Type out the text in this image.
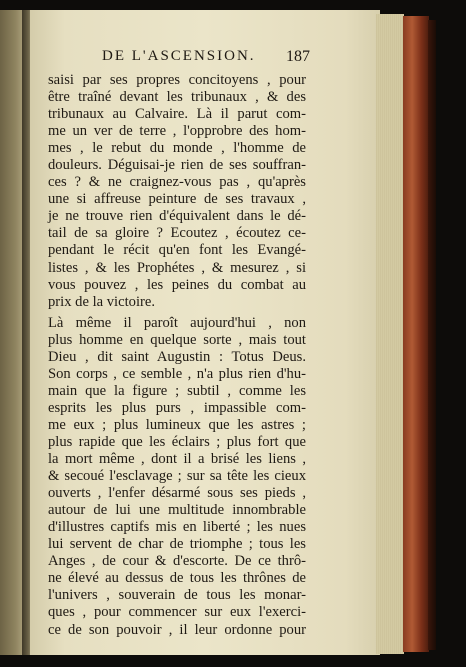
DE L'ASCENSION. 187
saisi par ses propres concitoyens , pour
être traîné devant les tribunaux , & des
tribunaux au Calvaire. Là il parut com-
me un ver de terre , l'opprobre des hom-
mes , le rebut du monde , l'homme de
douleurs. Déguisai-je rien de ses souffran-
ces ? & ne craignez-vous pas , qu'après
une si affreuse peinture de ses travaux ,
je ne trouve rien d'équivalent dans le dé-
tail de sa gloire ? Ecoutez , écoutez ce-
pendant le récit qu'en font les Evangé-
listes , & les Prophétes , & mesurez , si
vous pouvez , les peines du combat au
prix de la victoire.
Là même il paroît aujourd'hui , non
plus homme en quelque sorte , mais tout
Dieu , dit saint Augustin : Totus Deus.
Son corps , ce semble , n'a plus rien d'hu-
main que la figure ; subtil , comme les
esprits les plus purs , impassible com-
me eux ; plus lumineux que les astres ;
plus rapide que les éclairs ; plus fort que
la mort même , dont il a brisé les liens ,
& secoué l'esclavage ; sur sa tête les cieux
ouverts , l'enfer désarmé sous ses pieds ,
autour de lui une multitude innombrable
d'illustres captifs mis en liberté ; les nues
lui servent de char de triomphe ; tous les
Anges , de cour & d'escorte. De ce thrô-
ne élevé au dessus de tous les thrônes de
l'univers , souverain de tous les monar-
ques , pour commencer sur eux l'exerci-
ce de son pouvoir , il leur ordonne pour
